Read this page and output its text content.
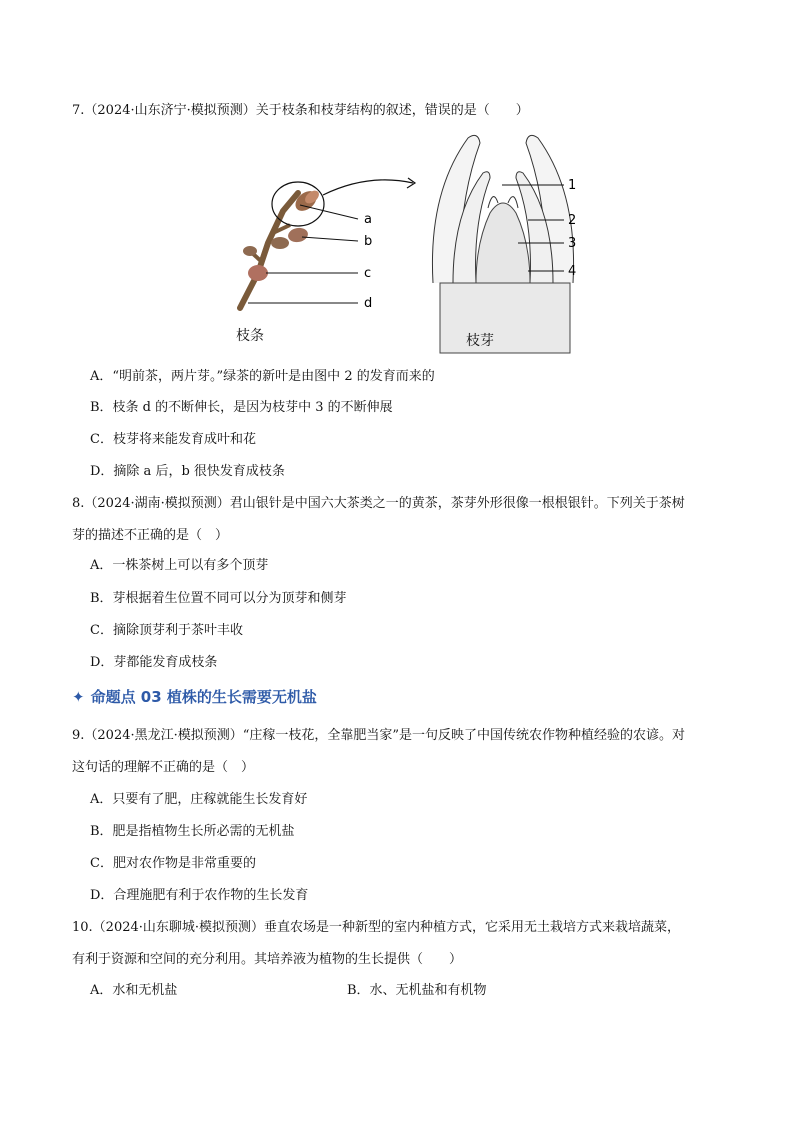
7.（2024·山东济宁·模拟预测）关于枝条和枝芽结构的叙述，错误的是（　　）
a
b
c
d
1
2
3
4
枝条	枝芽
A．“明前茶，两片芽。”绿茶的新叶是由图中 2 的发育而来的
B．枝条 d 的不断伸长，是因为枝芽中 3 的不断伸展
C．枝芽将来能发育成叶和花
D．摘除 a 后，b 很快发育成枝条
8.（2024·湖南·模拟预测）君山银针是中国六大茶类之一的黄茶，茶芽外形很像一根根银针。下列关于茶树
芽的描述不正确的是（　）
A．一株茶树上可以有多个顶芽
B．芽根据着生位置不同可以分为顶芽和侧芽
C．摘除顶芽利于茶叶丰收
D．芽都能发育成枝条
✦ 命题点 03 植株的生长需要无机盐
9.（2024·黑龙江·模拟预测）“庄稼一枝花，全靠肥当家”是一句反映了中国传统农作物种植经验的农谚。对
这句话的理解不正确的是（　）
A．只要有了肥，庄稼就能生长发育好
B．肥是指植物生长所必需的无机盐
C．肥对农作物是非常重要的
D．合理施肥有利于农作物的生长发育
10.（2024·山东聊城·模拟预测）垂直农场是一种新型的室内种植方式，它采用无土栽培方式来栽培蔬菜，
有利于资源和空间的充分利用。其培养液为植物的生长提供（　　）
A．水和无机盐	B．水、无机盐和有机物
